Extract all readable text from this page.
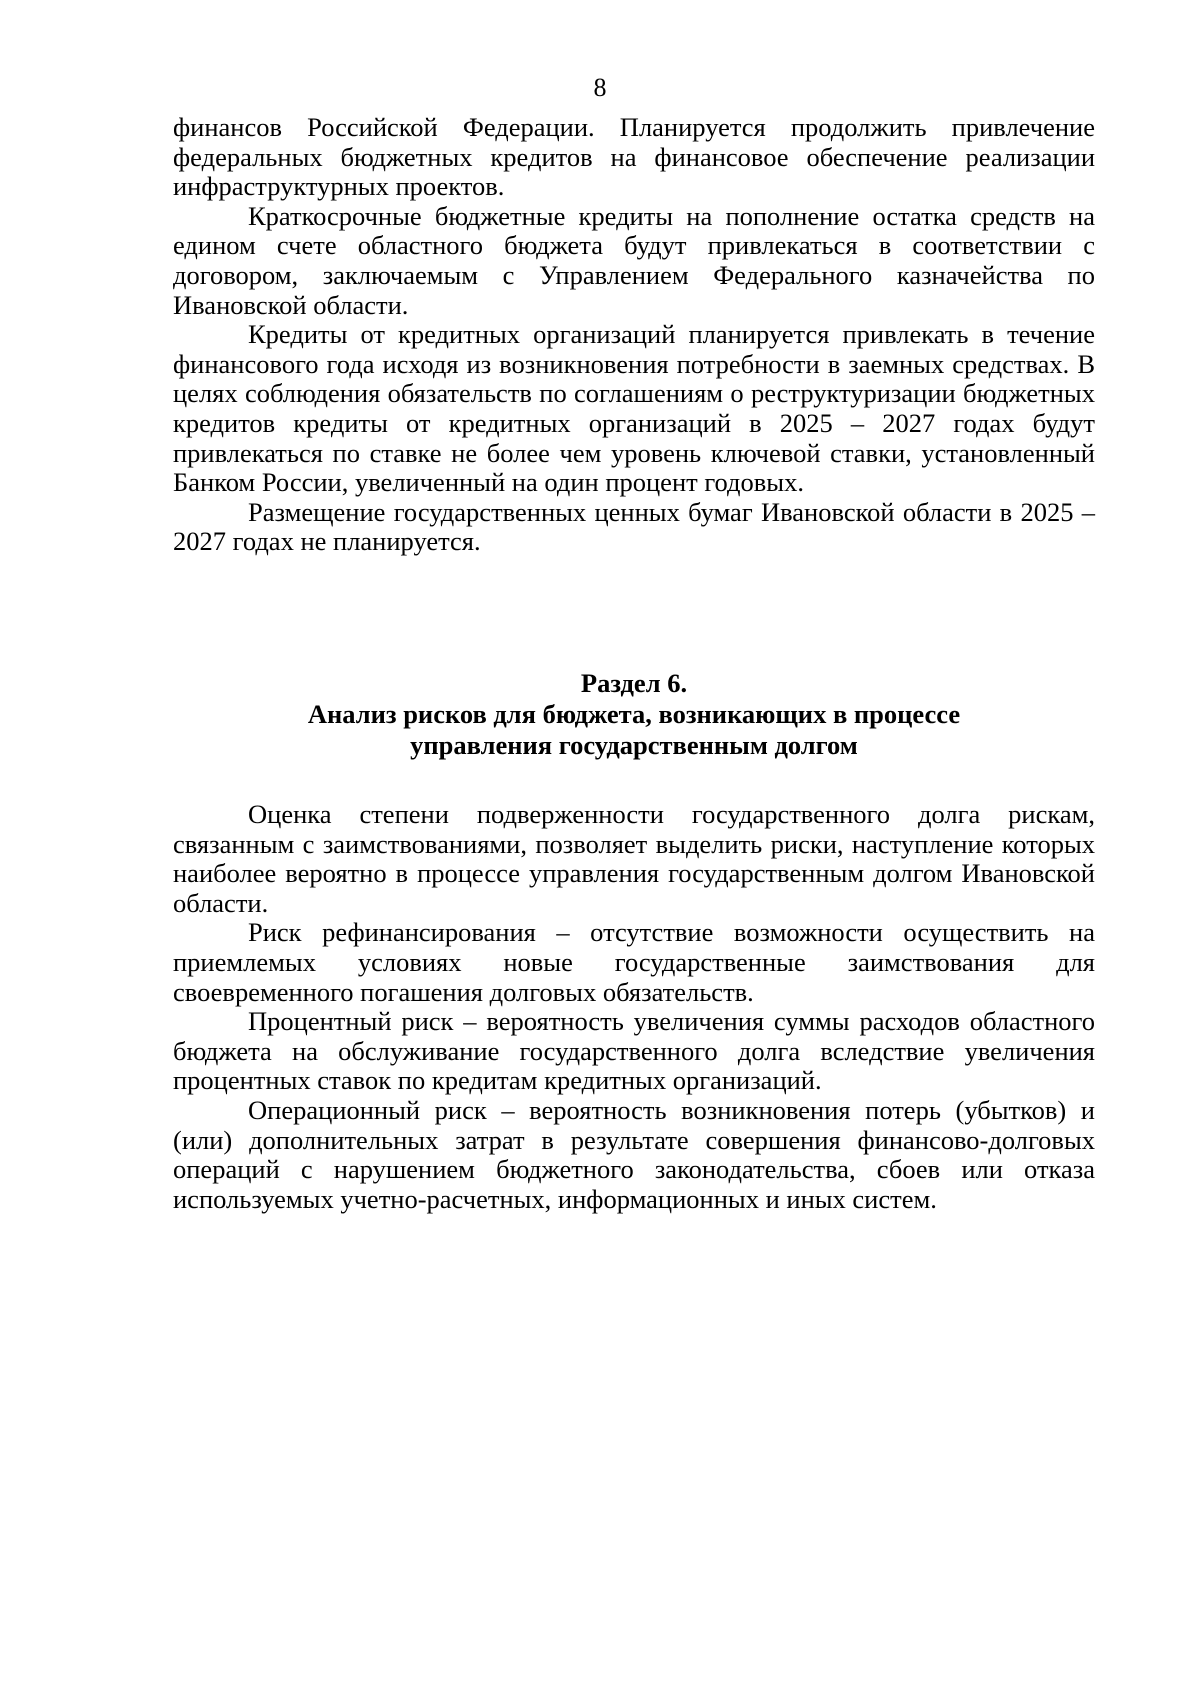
8

финансов Российской Федерации. Планируется продолжить привлечение федеральных бюджетных кредитов на финансовое обеспечение реализации инфраструктурных проектов.

Краткосрочные бюджетные кредиты на пополнение остатка средств на едином счете областного бюджета будут привлекаться в соответствии с договором, заключаемым с Управлением Федерального казначейства по Ивановской области.

Кредиты от кредитных организаций планируется привлекать в течение финансового года исходя из возникновения потребности в заемных средствах. В целях соблюдения обязательств по соглашениям о реструктуризации бюджетных кредитов кредиты от кредитных организаций в 2025 – 2027 годах будут привлекаться по ставке не более чем уровень ключевой ставки, установленный Банком России, увеличенный на один процент годовых.

Размещение государственных ценных бумаг Ивановской области в 2025 – 2027 годах не планируется.

Раздел 6.
Анализ рисков для бюджета, возникающих в процессе
управления государственным долгом

Оценка степени подверженности государственного долга рискам, связанным с заимствованиями, позволяет выделить риски, наступление которых наиболее вероятно в процессе управления государственным долгом Ивановской области.

Риск рефинансирования – отсутствие возможности осуществить на приемлемых условиях новые государственные заимствования для своевременного погашения долговых обязательств.

Процентный риск – вероятность увеличения суммы расходов областного бюджета на обслуживание государственного долга вследствие увеличения процентных ставок по кредитам кредитных организаций.

Операционный риск – вероятность возникновения потерь (убытков) и (или) дополнительных затрат в результате совершения финансово-долговых операций с нарушением бюджетного законодательства, сбоев или отказа используемых учетно-расчетных, информационных и иных систем.
